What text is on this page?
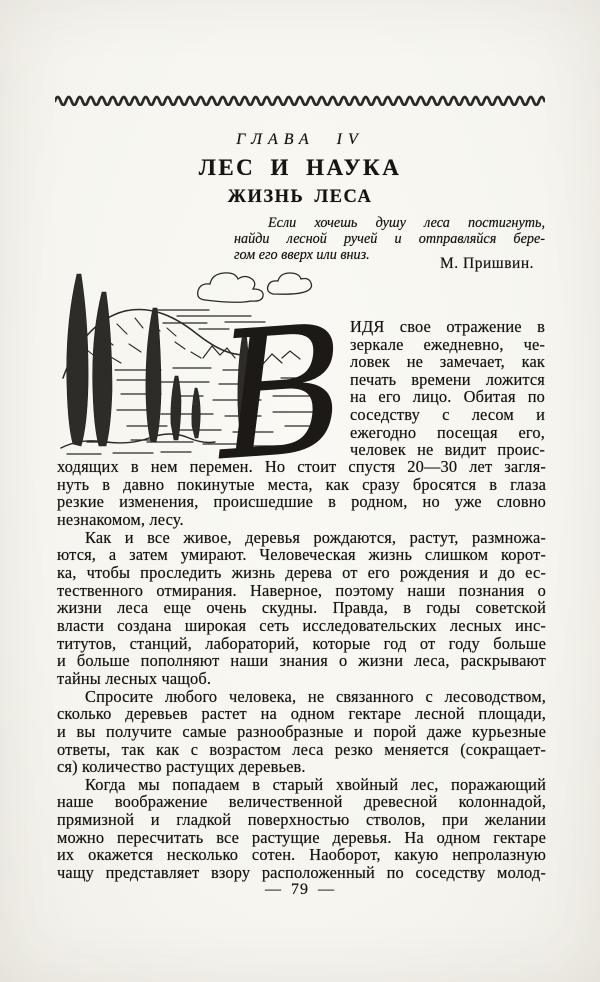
ГЛАВА IV
ЛЕС И НАУКА
ЖИЗНЬ ЛЕСА
Если хочешь душу леса постигнуть,
найди лесной ручей и отправляйся бере-
гом его вверх или вниз.
М. Пришвин.
В
ИДЯ свое отражение в
зеркале ежедневно, че-
ловек не замечает, как
печать времени ложится
на его лицо. Обитая по
соседству с лесом и
ежегодно посещая его,
человек не видит проис-
ходящих в нем перемен. Но стоит спустя 20—30 лет загля-
нуть в давно покинутые места, как сразу бросятся в глаза
резкие изменения, происшедшие в родном, но уже словно
незнакомом, лесу.
Как и все живое, деревья рождаются, растут, размножа-
ются, а затем умирают. Человеческая жизнь слишком корот-
ка, чтобы проследить жизнь дерева от его рождения и до ес-
тественного отмирания. Наверное, поэтому наши познания о
жизни леса еще очень скудны. Правда, в годы советской
власти создана широкая сеть исследовательских лесных инс-
титутов, станций, лабораторий, которые год от году больше
и больше пополняют наши знания о жизни леса, раскрывают
тайны лесных чащоб.
Спросите любого человека, не связанного с лесоводством,
сколько деревьев растет на одном гектаре лесной площади,
и вы получите самые разнообразные и порой даже курьезные
ответы, так как с возрастом леса резко меняется (сокращает-
ся) количество растущих деревьев.
Когда мы попадаем в старый хвойный лес, поражающий
наше воображение величественной древесной колоннадой,
прямизной и гладкой поверхностью стволов, при желании
можно пересчитать все растущие деревья. На одном гектаре
их окажется несколько сотен. Наоборот, какую непролазную
чащу представляет взору расположенный по соседству молод-
— 79 —
